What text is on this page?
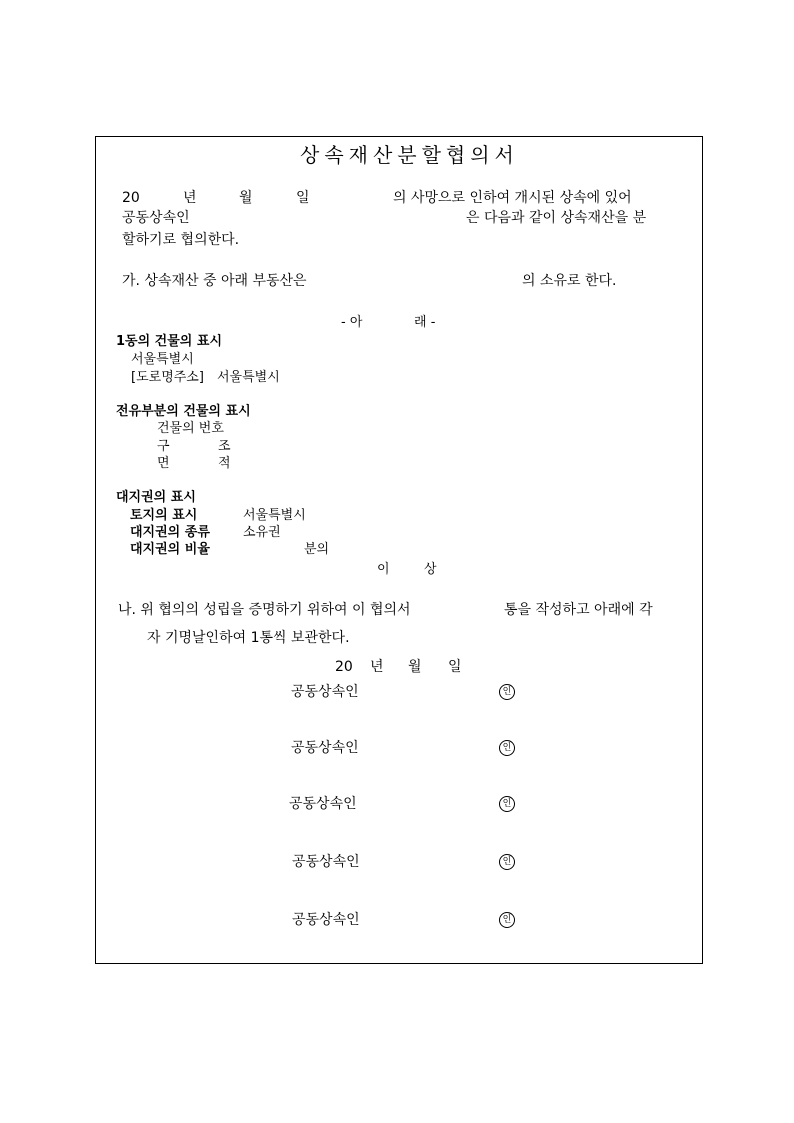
상속재산분할협의서
20	년	월	일	의 사망으로 인하여 개시된 상속에 있어
공동상속인	은 다음과 같이 상속재산을 분
할하기로 협의한다.
가. 상속재산 중 아래 부동산은	의 소유로 한다.
- 아	래 -
1동의 건물의 표시
서울특별시
[도로명주소] 서울특별시
전유부분의 건물의 표시
건물의 번호
구	조
면	적
대지권의 표시
토지의 표시	서울특별시
대지권의 종류	소유권
대지권의 비율	분의
이	상
나. 위 협의의 성립을 증명하기 위하여 이 협의서	통을 작성하고 아래에 각
자 기명날인하여 1통씩 보관한다.
20 년 월 일
공동상속인	인
공동상속인	인
공동상속인	인
공동상속인	인
공동상속인	인
